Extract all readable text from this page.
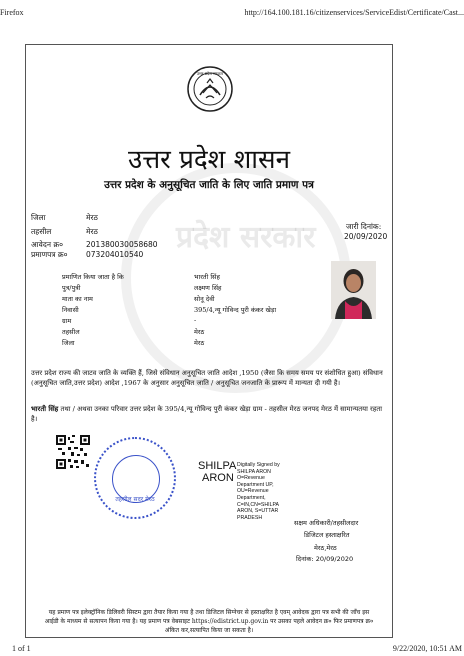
Firefox	http://164.100.181.16/citizenservices/ServiceEdist/Certificate/Cast...
प्रदेश सरकार
उत्तर प्रदेश सरकार
उत्तर प्रदेश शासन
उत्तर प्रदेश के अनुसूचित जाति के लिए जाति प्रमाण पत्र
जिला	मेरठ
तहसील	मेरठ
आवेदन क्र०	201380030058680
प्रमाणपत्र क्र० 073204010540
जारी दिनांक:
20/09/2020
प्रमाणित किया जाता है कि	भारती सिंह
पुत्र/पुत्री	लक्ष्मण सिंह
माता का नाम	सोनू देवी
निवासी	395/4,न्यू गोविन्द पुरी कंकर खेड़ा
ग्राम	-
तहसील	मेरठ
जिला	मेरठ
उत्तर प्रदेश राज्य की जाटव जाति के व्यक्ति हैं, जिसे संविधान अनुसूचित जाति आदेश ,1950 (जैसा कि समय समय पर संशोधित हुआ) संविधान (अनुसूचित जाति,उत्तर प्रदेश) आदेश ,1967 के अनुसार अनुसूचित जाति / अनुसूचित जनजाति के प्रारूप में मान्यता दी गयी है।
भारती सिंह तथा / अथवा उनका परिवार उत्तर प्रदेश के 395/4,न्यू गोविन्द पुरी कंकर खेड़ा ग्राम - तहसील मेरठ जनपद मेरठ में सामान्यतया रहता है।
तहसील सदर मेरठ
SHILPA
ARON
Digitally Signed by
SHILPA ARON
O=Revenue
Department UP,
OU=Revenue
Department,
C=IN,CN=SHILPA
ARON, S=UTTAR
PRADESH
सक्षम अधिकारी/तहसीलदार
डिजिटल हस्ताक्षरित
मेरठ,मेरठ
दिनांक: 20/09/2020
यह प्रमाण पत्र इलेक्ट्रॉनिक डिलिवरी सिस्टम द्वारा तैयार किया गया है तथा डिजिटल सिग्नेचर से हस्ताक्षरित है एवम् आवेदक द्वारा पत्र सभी की जाँच इस
आईडी के माध्यम से सत्यापन किया गया है। यह प्रमाण पत्र वेबसाइट https://edistrict.up.gov.in पर उसका पहले आवेदन क्र० फिर प्रमाणपत्र क्र०
अंकित कर,सत्यापित किया जा सकता है।
1 of 1	9/22/2020, 10:51 AM
